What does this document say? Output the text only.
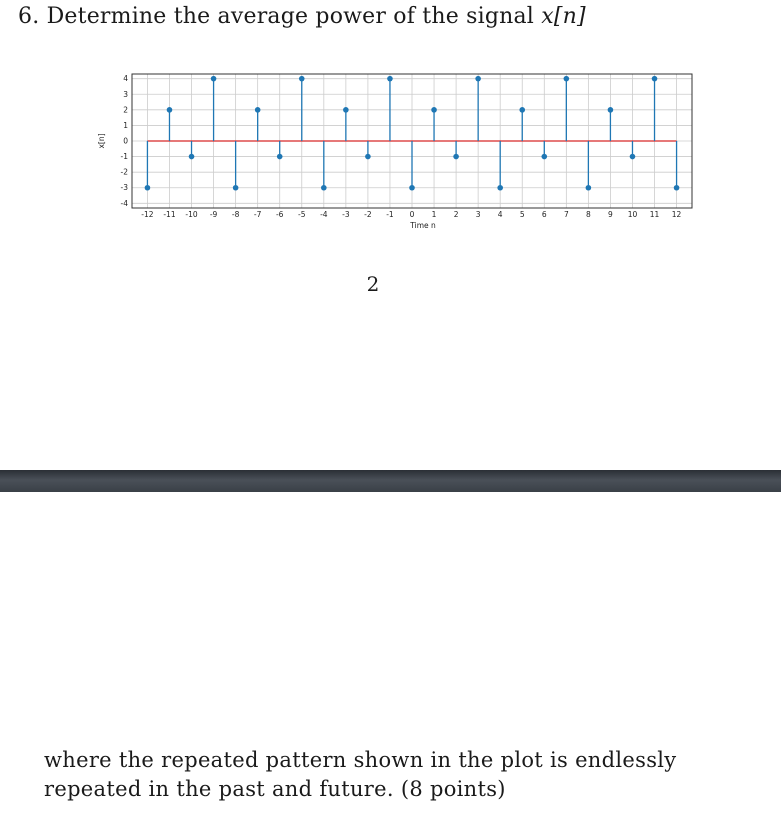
6. Determine the average power of the signal x[n]
-12 -11 -10 -9 -8 -7 -6 -5 -4 -3 -2 -1 0 1 2 3 4 5 6 7 8 9 10 11 12
4
3
2
1
0
-1
-2
-3
-4
Time n
x[n]
2
where the repeated pattern shown in the plot is endlessly repeated in the past and future. (8 points)
